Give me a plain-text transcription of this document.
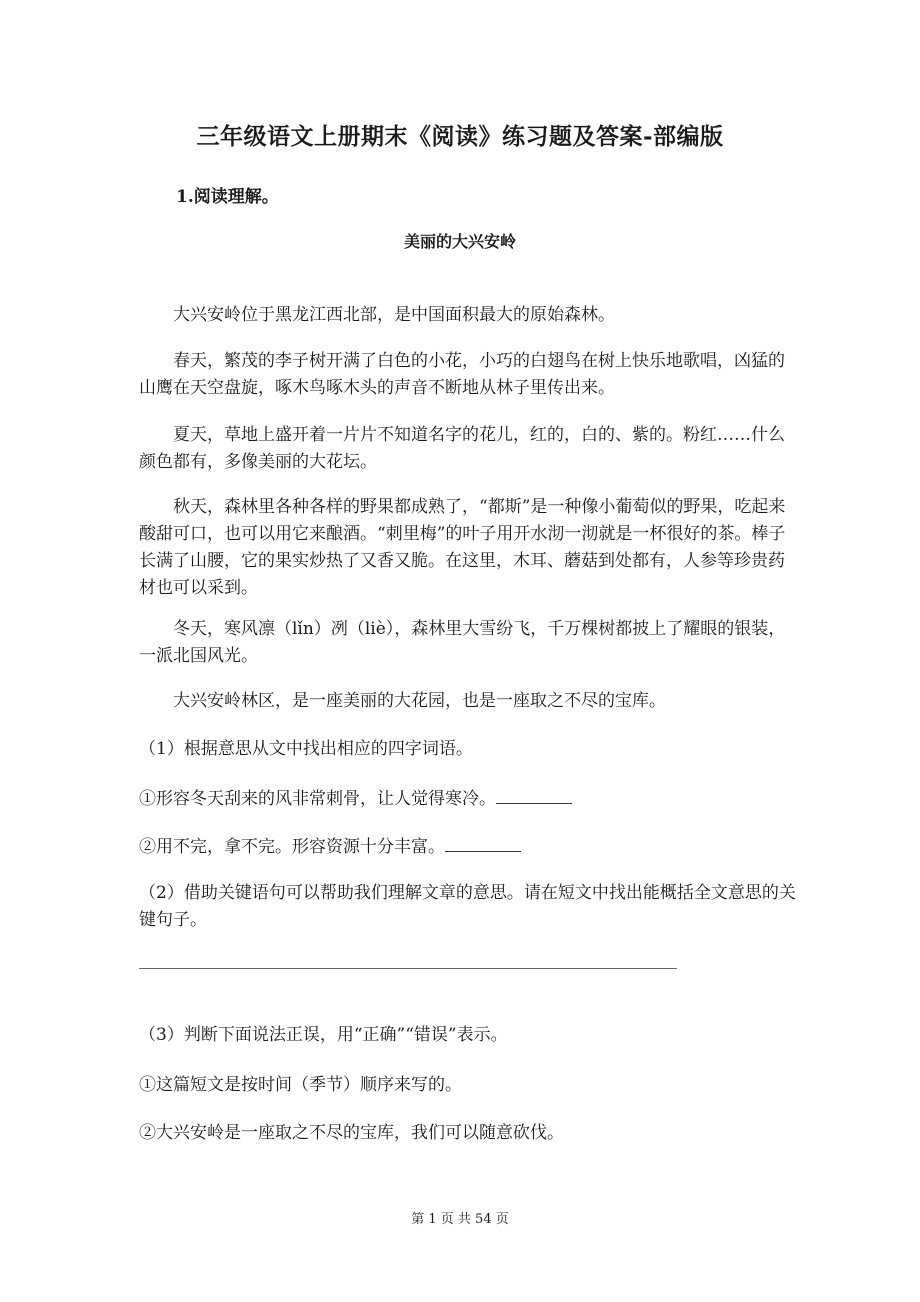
三年级语文上册期末《阅读》练习题及答案-部编版
1.阅读理解。
美丽的大兴安岭
大兴安岭位于黑龙江西北部，是中国面积最大的原始森林。
春天，繁茂的李子树开满了白色的小花，小巧的白翅鸟在树上快乐地歌唱，凶猛的山鹰在天空盘旋，啄木鸟啄木头的声音不断地从林子里传出来。
夏天，草地上盛开着一片片不知道名字的花儿，红的，白的、紫的。粉红……什么颜色都有，多像美丽的大花坛。
秋天，森林里各种各样的野果都成熟了，“都斯”是一种像小葡萄似的野果，吃起来酸甜可口，也可以用它来酿酒。“刺里梅”的叶子用开水沏一沏就是一杯很好的茶。棒子长满了山腰，它的果实炒热了又香又脆。在这里，木耳、蘑菇到处都有，人参等珍贵药材也可以采到。
冬天，寒风凛（lǐn）冽（liè），森林里大雪纷飞，千万棵树都披上了耀眼的银装，一派北国风光。
大兴安岭林区，是一座美丽的大花园，也是一座取之不尽的宝库。
（1）根据意思从文中找出相应的四字词语。
①形容冬天刮来的风非常刺骨，让人觉得寒冷。
②用不完，拿不完。形容资源十分丰富。
（2）借助关键语句可以帮助我们理解文章的意思。请在短文中找出能概括全文意思的关键句子。
（3）判断下面说法正误，用“正确”“错误”表示。
①这篇短文是按时间（季节）顺序来写的。
②大兴安岭是一座取之不尽的宝库，我们可以随意砍伐。
第 1 页 共 54 页
